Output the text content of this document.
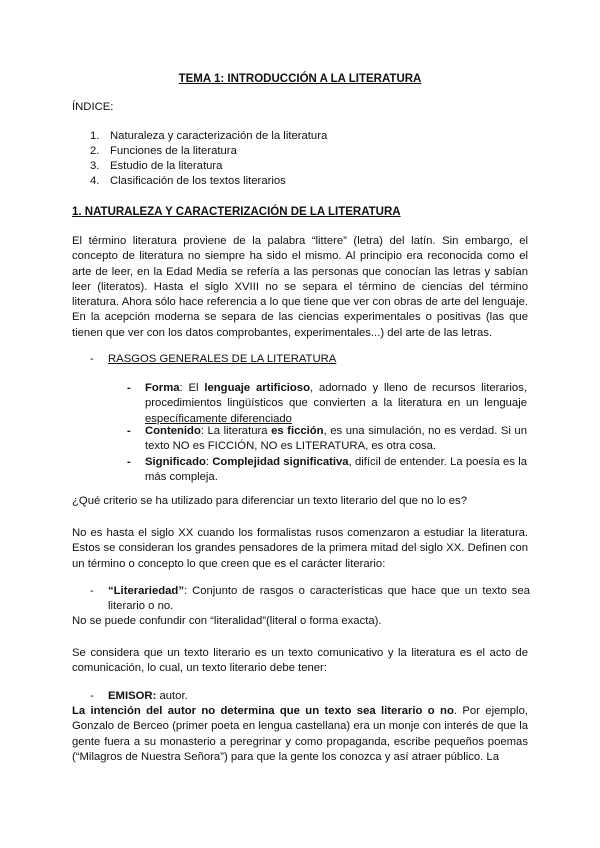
TEMA 1: INTRODUCCIÓN A LA LITERATURA
ÍNDICE:
1. Naturaleza y caracterización de la literatura
2. Funciones de la literatura
3. Estudio de la literatura
4. Clasificación de los textos literarios
1. NATURALEZA Y CARACTERIZACIÓN DE LA LITERATURA

El término literatura proviene de la palabra “littere” (letra) del latín. Sin embargo, el concepto de literatura no siempre ha sido el mismo. Al principio era reconocida como el arte de leer, en la Edad Media se refería a las personas que conocían las letras y sabían leer (literatos). Hasta el siglo XVIII no se separa el término de ciencias del término literatura. Ahora sólo hace referencia a lo que tiene que ver con obras de arte del lenguaje. En la acepción moderna se separa de las ciencias experimentales o positivas (las que tienen que ver con los datos comprobantes, experimentales...) del arte de las letras.

- RASGOS GENERALES DE LA LITERATURA
- Forma: El lenguaje artificioso, adornado y lleno de recursos literarios, procedimientos lingüísticos que convierten a la literatura en un lenguaje específicamente diferenciado
- Contenido: La literatura es ficción, es una simulación, no es verdad. Si un texto NO es FICCIÓN, NO es LITERATURA, es otra cosa.
- Significado: Complejidad significativa, difícil de entender. La poesía es la más compleja.

¿Qué criterio se ha utilizado para diferenciar un texto literario del que no lo es?

No es hasta el siglo XX cuando los formalistas rusos comenzaron a estudiar la literatura. Estos se consideran los grandes pensadores de la primera mitad del siglo XX. Definen con un término o concepto lo que creen que es el carácter literario:

- “Literariedad”: Conjunto de rasgos o características que hace que un texto sea literario o no.

No se puede confundir con “literalidad”(literal o forma exacta).

Se considera que un texto literario es un texto comunicativo y la literatura es el acto de comunicación, lo cual, un texto literario debe tener:

- EMISOR: autor.

La intención del autor no determina que un texto sea literario o no. Por ejemplo, Gonzalo de Berceo (primer poeta en lengua castellana) era un monje con interés de que la gente fuera a su monasterio a peregrinar y como propaganda, escribe pequeños poemas (“Milagros de Nuestra Señora”) para que la gente los conozca y así atraer público. La
